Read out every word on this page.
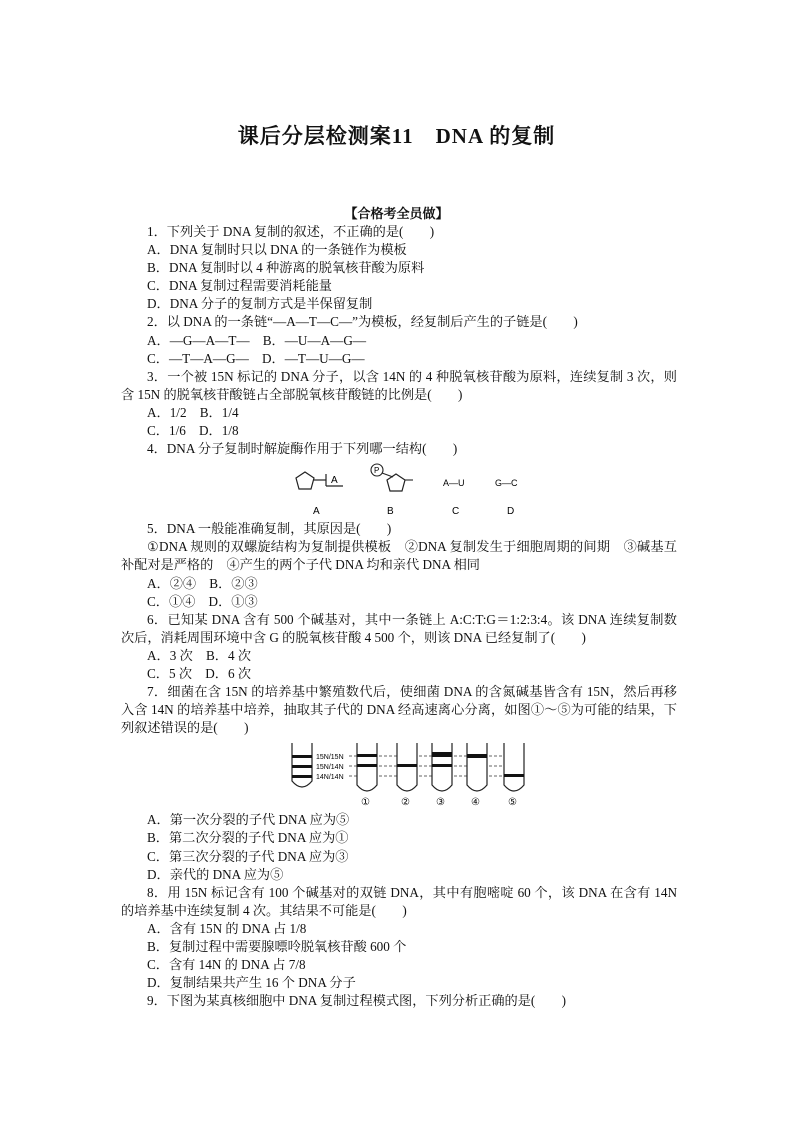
课后分层检测案11　DNA 的复制
【合格考全员做】

1．下列关于 DNA 复制的叙述，不正确的是(　　)

A．DNA 复制时只以 DNA 的一条链作为模板

B．DNA 复制时以 4 种游离的脱氧核苷酸为原料

C．DNA 复制过程需要消耗能量

D．DNA 分子的复制方式是半保留复制

2．以 DNA 的一条链“—A—T—C—”为模板，经复制后产生的子链是(　　)

A．—G—A—T—　B．—U—A—G—

C．—T—A—G—　D．—T—U—G—

3．一个被 15N 标记的 DNA 分子，以含 14N 的 4 种脱氧核苷酸为原料，连续复制 3 次，则含 15N 的脱氧核苷酸链占全部脱氧核苷酸链的比例是(　　)

A．1/2　B．1/4

C．1/6　D．1/8

4．DNA 分子复制时解旋酶作用于下列哪一结构(　　)

A
P
A—U	G—C
A	B	C	D

5．DNA 一般能准确复制，其原因是(　　)

①DNA 规则的双螺旋结构为复制提供模板　②DNA 复制发生于细胞周期的间期　③碱基互补配对是严格的　④产生的两个子代 DNA 均和亲代 DNA 相同

A．②④　B．②③

C．①④　D．①③

6．已知某 DNA 含有 500 个碱基对，其中一条链上 A:C:T:G＝1:2:3:4。该 DNA 连续复制数次后，消耗周围环境中含 G 的脱氧核苷酸 4 500 个，则该 DNA 已经复制了(　　)

A．3 次　B．4 次

C．5 次　D．6 次

7．细菌在含 15N 的培养基中繁殖数代后，使细菌 DNA 的含氮碱基皆含有 15N，然后再移入含 14N 的培养基中培养，抽取其子代的 DNA 经高速离心分离，如图①～⑤为可能的结果，下列叙述错误的是(　　)

15N/15N
15N/14N
14N/14N
①	②	③	④	⑤

A．第一次分裂的子代 DNA 应为⑤

B．第二次分裂的子代 DNA 应为①

C．第三次分裂的子代 DNA 应为③

D．亲代的 DNA 应为⑤

8．用 15N 标记含有 100 个碱基对的双链 DNA，其中有胞嘧啶 60 个，该 DNA 在含有 14N 的培养基中连续复制 4 次。其结果不可能是(　　)

A．含有 15N 的 DNA 占 1/8

B．复制过程中需要腺嘌呤脱氧核苷酸 600 个

C．含有 14N 的 DNA 占 7/8

D．复制结果共产生 16 个 DNA 分子

9．下图为某真核细胞中 DNA 复制过程模式图，下列分析正确的是(　　)
